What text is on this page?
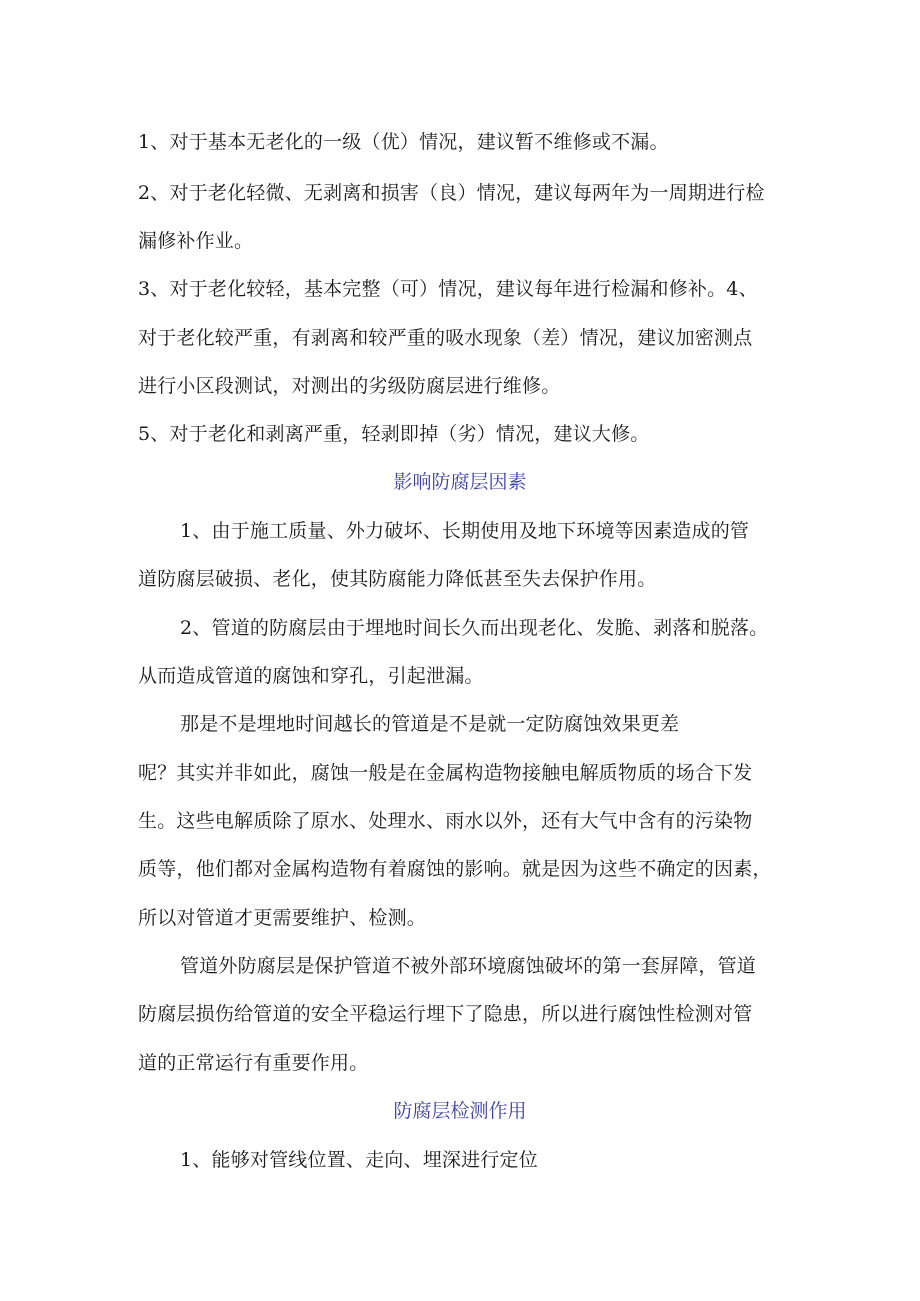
1、对于基本无老化的一级（优）情况，建议暂不维修或不漏。
2、对于老化轻微、无剥离和损害（良）情况，建议每两年为一周期进行检
漏修补作业。
3、对于老化较轻，基本完整（可）情况，建议每年进行检漏和修补。4、
对于老化较严重，有剥离和较严重的吸水现象（差）情况，建议加密测点
进行小区段测试，对测出的劣级防腐层进行维修。
5、对于老化和剥离严重，轻剥即掉（劣）情况，建议大修。
影响防腐层因素
1、由于施工质量、外力破坏、长期使用及地下环境等因素造成的管
道防腐层破损、老化，使其防腐能力降低甚至失去保护作用。
2、管道的防腐层由于埋地时间长久而出现老化、发脆、剥落和脱落。
从而造成管道的腐蚀和穿孔，引起泄漏。
那是不是埋地时间越长的管道是不是就一定防腐蚀效果更差
呢？其实并非如此，腐蚀一般是在金属构造物接触电解质物质的场合下发
生。这些电解质除了原水、处理水、雨水以外，还有大气中含有的污染物
质等，他们都对金属构造物有着腐蚀的影响。就是因为这些不确定的因素，
所以对管道才更需要维护、检测。
管道外防腐层是保护管道不被外部环境腐蚀破坏的第一套屏障，管道
防腐层损伤给管道的安全平稳运行埋下了隐患，所以进行腐蚀性检测对管
道的正常运行有重要作用。
防腐层检测作用
1、能够对管线位置、走向、埋深进行定位
